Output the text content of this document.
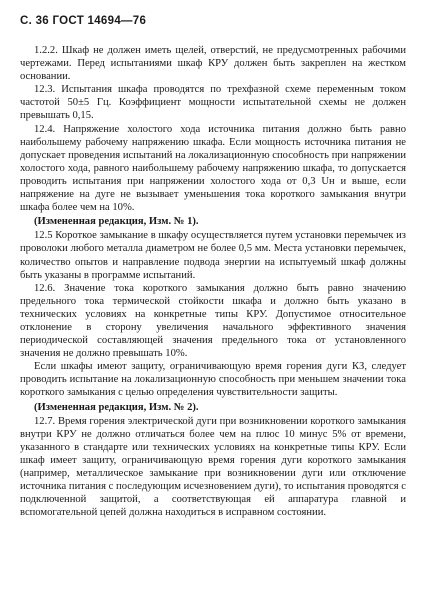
С. 36 ГОСТ 14694—76

1.2.2. Шкаф не должен иметь щелей, отверстий, не предусмотренных рабочими чертежами. Перед испытаниями шкаф КРУ должен быть закреплен на жестком основании.

12.3. Испытания шкафа проводятся по трехфазной схеме переменным током частотой 50±5 Гц. Коэффициент мощности испытательной схемы не должен превышать 0,15.

12.4. Напряжение холостого хода источника питания должно быть равно наибольшему рабочему напряжению шкафа. Если мощность источника питания не допускает проведения испытаний на локализационную способность при напряжении холостого хода, равного наибольшему рабочему напряжению шкафа, то допускается проводить испытания при напряжении холостого хода от 0,3 Uн и выше, если напряжение на дуге не вызывает уменьшения тока короткого замыкания внутри шкафа более чем на 10%.

(Измененная редакция, Изм. № 1).

12.5 Короткое замыкание в шкафу осуществляется путем установки перемычек из проволоки любого металла диаметром не более 0,5 мм. Места установки перемычек, количество опытов и направление подвода энергии на испытуемый шкаф должны быть указаны в программе испытаний.

12.6. Значение тока короткого замыкания должно быть равно значению предельного тока термической стойкости шкафа и должно быть указано в технических условиях на конкретные типы КРУ. Допустимое относительное отклонение в сторону увеличения начального эффективного значения периодической составляющей значения предельного тока от установленного значения не должно превышать 10%.

Если шкафы имеют защиту, ограничивающую время горения дуги КЗ, следует проводить испытание на локализационную способность при меньшем значении тока короткого замыкания с целью определения чувствительности защиты.

(Измененная редакция, Изм. № 2).

12.7. Время горения электрической дуги при возникновении короткого замыкания внутри КРУ не должно отличаться более чем на плюс 10 минус 5% от времени, указанного в стандарте или технических условиях на конкретные типы КРУ. Если шкаф имеет защиту, ограничивающую время горения дуги короткого замыкания (например, металлическое замыкание при возникновении дуги или отключение источника питания с последующим исчезновением дуги), то испытания проводятся с подключенной защитой, а соответствующая ей аппаратура главной и вспомогательной цепей должна находиться в исправном состоянии.
